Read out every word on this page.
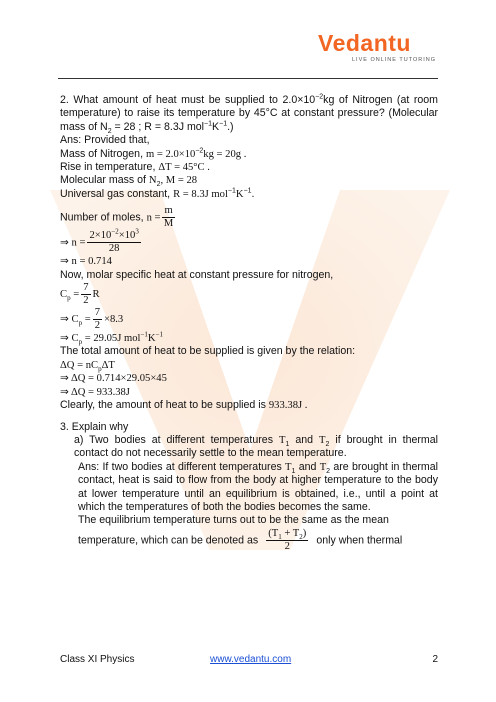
Vedantu
LIVE ONLINE TUTORING

2. What amount of heat must be supplied to $2.0\times 10^{-2}kg$ of Nitrogen (at room temperature) to raise its temperature by 45°C at constant pressure? (Molecular mass of $N_2 = 28$ ; R = 8.3J $mol^{-1}K^{-1}$.)

Ans: Provided that,

Mass of Nitrogen, $m = 2.0\times 10^{-2}kg = 20g$ .

Rise in temperature, ΔT = 45°C .

Molecular mass of $N_2$, M = 28

Universal gas constant, R = 8.3J $mol^{-1}K^{-1}$.

Number of moles, $n = \frac{m}{M}$

⇒ $n = \frac{2\times 10^{-2}\times 10^3}{28}$

⇒ n = 0.714

Now, molar specific heat at constant pressure for nitrogen,

$C_p = \frac{7}{2}$ R

⇒ $C_p = \frac{7}{2} \times 8.3$

⇒ $C_p = 29.05J$ $mol^{-1}K^{-1}$

The total amount of heat to be supplied is given by the relation:

$\Delta Q = nC_p\Delta T$

⇒ ΔQ = 0.714×29.05×45

⇒ ΔQ = 933.38J

Clearly, the amount of heat to be supplied is 933.38J .

3. Explain why

a) Two bodies at different temperatures $T_1$ and $T_2$ if brought in thermal contact do not necessarily settle to the mean temperature.

Ans: If two bodies at different temperatures $T_1$ and $T_2$ are brought in thermal contact, heat is said to flow from the body at higher temperature to the body at lower temperature until an equilibrium is obtained, i.e., until a point at which the temperatures of both the bodies becomes the same.

The equilibrium temperature turns out to be the same as the mean

temperature, which can be denoted as $\frac{(T_1 + T_2)}{2}$ only when thermal

Class XI Physics	www.vedantu.com	2
